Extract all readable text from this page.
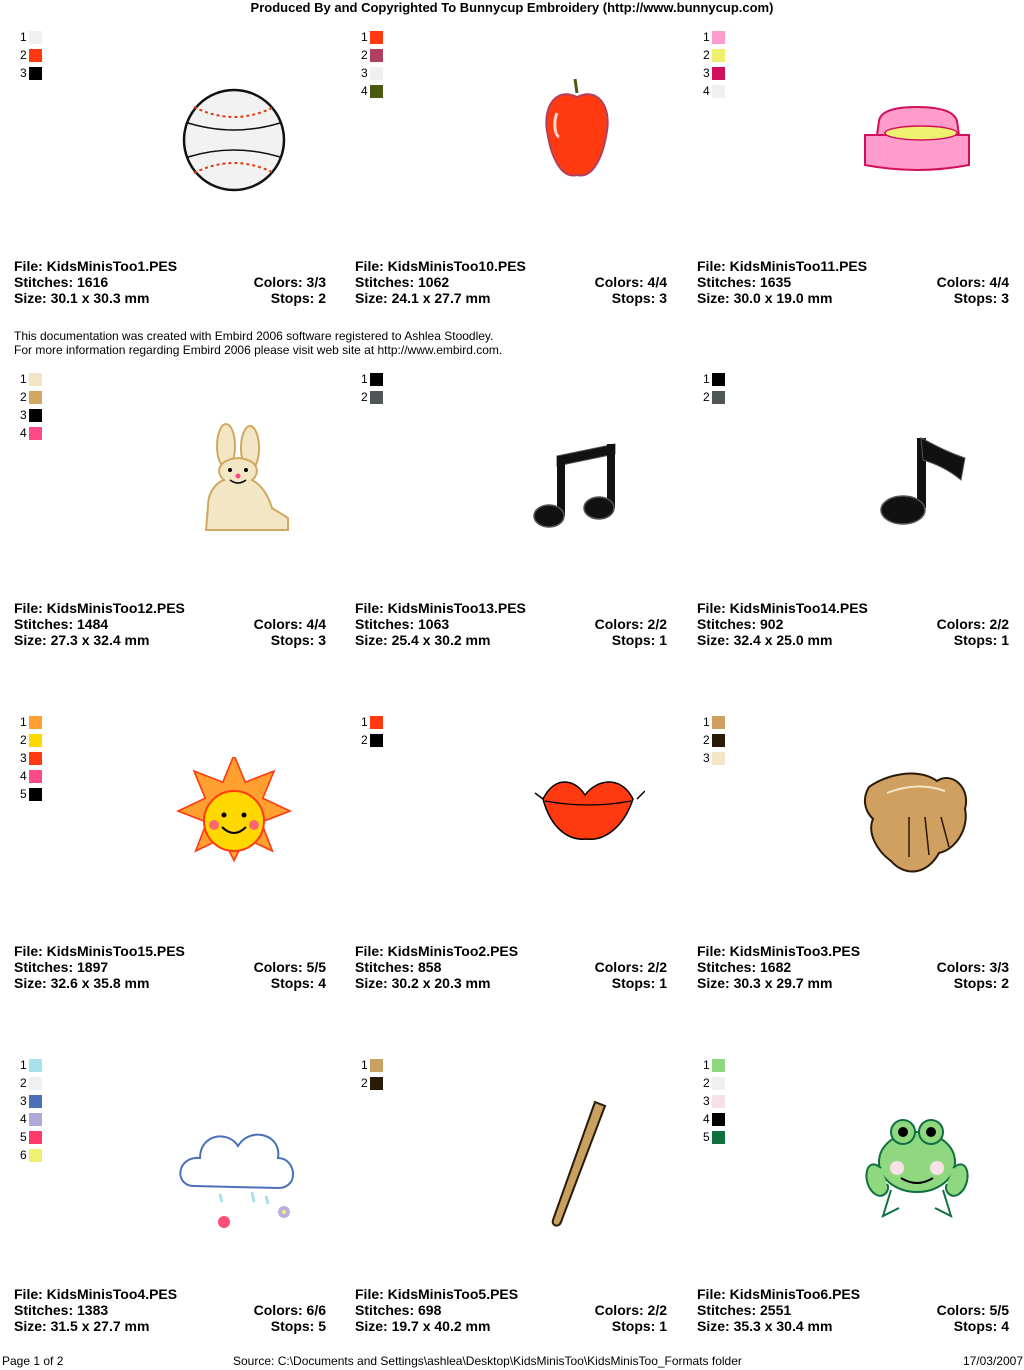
Produced By and Copyrighted To Bunnycup Embroidery (http://www.bunnycup.com)
This documentation was created with Embird 2006 software registered to Ashlea Stoodley.
For more information regarding Embird 2006 please visit web site at http://www.embird.com.
1
2
3
File: KidsMinisToo1.PES
Stitches: 1616	Colors: 3/3
Size: 30.1 x 30.3 mm	Stops: 2
1
2
3
4
File: KidsMinisToo10.PES
Stitches: 1062	Colors: 4/4
Size: 24.1 x 27.7 mm	Stops: 3
1
2
3
4
File: KidsMinisToo11.PES
Stitches: 1635	Colors: 4/4
Size: 30.0 x 19.0 mm	Stops: 3
1
2
3
4
File: KidsMinisToo12.PES
Stitches: 1484	Colors: 4/4
Size: 27.3 x 32.4 mm	Stops: 3
1
2
File: KidsMinisToo13.PES
Stitches: 1063	Colors: 2/2
Size: 25.4 x 30.2 mm	Stops: 1
1
2
File: KidsMinisToo14.PES
Stitches: 902	Colors: 2/2
Size: 32.4 x 25.0 mm	Stops: 1
1
2
3
4
5
File: KidsMinisToo15.PES
Stitches: 1897	Colors: 5/5
Size: 32.6 x 35.8 mm	Stops: 4
1
2
File: KidsMinisToo2.PES
Stitches: 858	Colors: 2/2
Size: 30.2 x 20.3 mm	Stops: 1
1
2
3
File: KidsMinisToo3.PES
Stitches: 1682	Colors: 3/3
Size: 30.3 x 29.7 mm	Stops: 2
1
2
3
4
5
6
File: KidsMinisToo4.PES
Stitches: 1383	Colors: 6/6
Size: 31.5 x 27.7 mm	Stops: 5
1
2
File: KidsMinisToo5.PES
Stitches: 698	Colors: 2/2
Size: 19.7 x 40.2 mm	Stops: 1
1
2
3
4
5
File: KidsMinisToo6.PES
Stitches: 2551	Colors: 5/5
Size: 35.3 x 30.4 mm	Stops: 4
Page 1 of 2	Source: C:\Documents and Settings\ashlea\Desktop\KidsMinisToo\KidsMinisToo_Formats folder	17/03/2007
